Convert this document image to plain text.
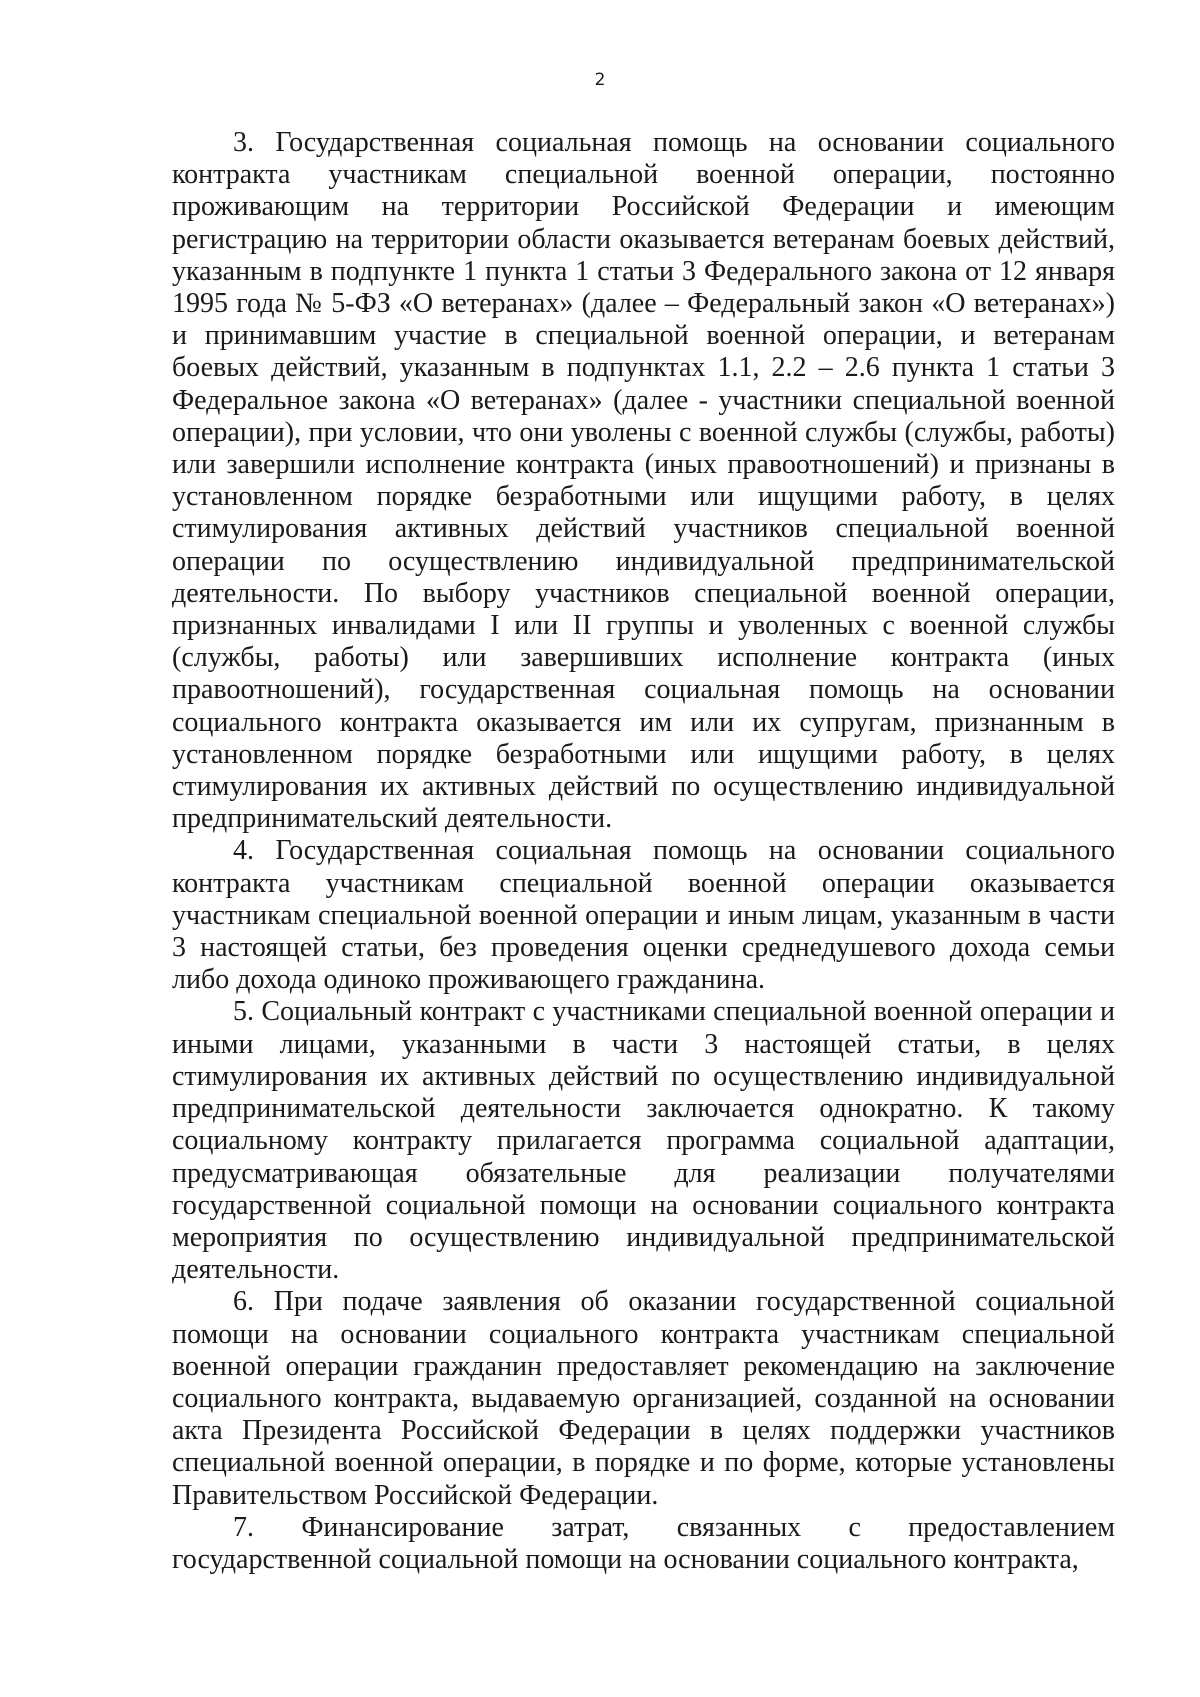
2

3. Государственная социальная помощь на основании социального контракта участникам специальной военной операции, постоянно проживающим на территории Российской Федерации и имеющим регистрацию на территории области оказывается ветеранам боевых действий, указанным в подпункте 1 пункта 1 статьи 3 Федерального закона от 12 января 1995 года № 5-ФЗ «О ветеранах» (далее – Федеральный закон «О ветеранах») и принимавшим участие в специальной военной операции, и ветеранам боевых действий, указанным в подпунктах 1.1, 2.2 – 2.6 пункта 1 статьи 3 Федеральное закона «О ветеранах» (далее - участники специальной военной операции), при условии, что они уволены с военной службы (службы, работы) или завершили исполнение контракта (иных правоотношений) и признаны в установленном порядке безработными или ищущими работу, в целях стимулирования активных действий участников специальной военной операции по осуществлению индивидуальной предпринимательской деятельности. По выбору участников специальной военной операции, признанных инвалидами I или II группы и уволенных с военной службы (службы, работы) или завершивших исполнение контракта (иных правоотношений), государственная социальная помощь на основании социального контракта оказывается им или их супругам, признанным в установленном порядке безработными или ищущими работу, в целях стимулирования их активных действий по осуществлению индивидуальной предпринимательский деятельности.

4. Государственная социальная помощь на основании социального контракта участникам специальной военной операции оказывается участникам специальной военной операции и иным лицам, указанным в части 3 настоящей статьи, без проведения оценки среднедушевого дохода семьи либо дохода одиноко проживающего гражданина.

5. Социальный контракт с участниками специальной военной операции и иными лицами, указанными в части 3 настоящей статьи, в целях стимулирования их активных действий по осуществлению индивидуальной предпринимательской деятельности заключается однократно. К такому социальному контракту прилагается программа социальной адаптации, предусматривающая обязательные для реализации получателями государственной социальной помощи на основании социального контракта мероприятия по осуществлению индивидуальной предпринимательской деятельности.

6. При подаче заявления об оказании государственной социальной помощи на основании социального контракта участникам специальной военной операции гражданин предоставляет рекомендацию на заключение социального контракта, выдаваемую организацией, созданной на основании акта Президента Российской Федерации в целях поддержки участников специальной военной операции, в порядке и по форме, которые установлены Правительством Российской Федерации.

7. Финансирование затрат, связанных с предоставлением государственной социальной помощи на основании социального контракта,
